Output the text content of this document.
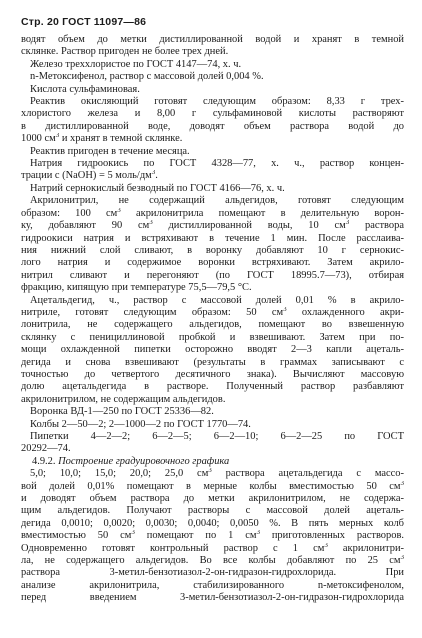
Стр. 20 ГОСТ 11097—86
водят объем до метки дистиллированной водой и хранят в темной
склянке. Раствор пригоден не более трех дней.
Железо треххлористое по ГОСТ 4147—74, х. ч.
n-Метоксифенол, раствор с массовой долей 0,004 %.
Кислота сульфаминовая.
Реактив окисляющий готовят следующим образом: 8,33 г трех-
хлористого железа и 8,00 г сульфаминовой кислоты растворяют
в дистиллированной воде, доводят объем раствора водой до
1000 $см^3$ и хранят в темной склянке.
Реактив пригоден в течение месяца.
Натрия гидроокись по ГОСТ 4328—77, х. ч., раствор концен-
трации c (NaOH) = 5 моль/$дм^3$.
Натрий сернокислый безводный по ГОСТ 4166—76, х. ч.
Акрилонитрил, не содержащий альдегидов, готовят следующим
образом: 100 $см^3$ акрилонитрила помещают в делительную ворон-
ку, добавляют 90 $см^3$ дистиллированной воды, 10 $см^3$ раствора
гидроокиси натрия и встряхивают в течение 1 мин. После расслаива-
ния нижний слой сливают, в воронку добавляют 10 г сернокис-
лого натрия и содержимое воронки встряхивают. Затем акрило-
нитрил сливают и перегоняют (по ГОСТ 18995.7—73), отбирая
фракцию, кипящую при температуре 75,5—79,5 °С.
Ацетальдегид, ч., раствор с массовой долей 0,01 % в акрило-
нитриле, готовят следующим образом: 50 $см^3$ охлажденного акри-
лонитрила, не содержащего альдегидов, помещают во взвешенную
склянку с пенициллиновой пробкой и взвешивают. Затем при по-
мощи охлажденной пипетки осторожно вводят 2—3 капли ацеталь-
дегида и снова взвешивают (результаты в граммах записывают с
точностью до четвертого десятичного знака). Вычисляют массовую
долю ацетальдегида в растворе. Полученный раствор разбавляют
акрилонитрилом, не содержащим альдегидов.
Воронка ВД-1—250 по ГОСТ 25336—82.
Колбы 2—50—2; 2—1000—2 по ГОСТ 1770—74.
Пипетки 4—2—2; 6—2—5; 6—2—10; 6—2—25 по ГОСТ
20292—74.
4.9.2. Построение градуировочного графика
5,0; 10,0; 15,0; 20,0; 25,0 $см^3$ раствора ацетальдегида с массо-
вой долей 0,01% помещают в мерные колбы вместимостью 50 $см^3$
и доводят объем раствора до метки акрилонитрилом, не содержа-
щим альдегидов. Получают растворы с массовой долей ацеталь-
дегида 0,0010; 0,0020; 0,0030; 0,0040; 0,0050 %. В пять мерных колб
вместимостью 50 $см^3$ помещают по 1 $см^3$ приготовленных растворов.
Одновременно готовят контрольный раствор с 1 $см^3$ акрилонитри-
ла, не содержащего альдегидов. Во все колбы добавляют по 25 $см^3$
раствора 3-метил-бензотиазол-2-он-гидразон-гидрохлорида. При
анализе акрилонитрила, стабилизированного n-метоксифенолом,
перед введением 3-метил-бензотиазол-2-он-гидразон-гидрохлорида
